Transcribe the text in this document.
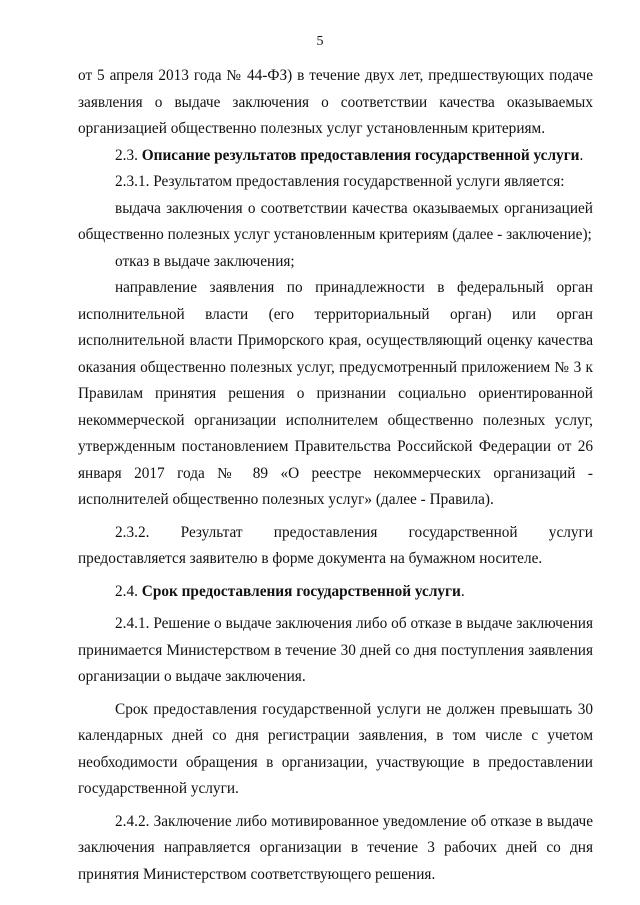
5

от 5 апреля 2013 года № 44-ФЗ) в течение двух лет, предшествующих подаче заявления о выдаче заключения о соответствии качества оказываемых организацией общественно полезных услуг установленным критериям.

2.3. Описание результатов предоставления государственной услуги.

2.3.1. Результатом предоставления государственной услуги является:

выдача заключения о соответствии качества оказываемых организацией общественно полезных услуг установленным критериям (далее - заключение);

отказ в выдаче заключения;

направление заявления по принадлежности в федеральный орган исполнительной власти (его территориальный орган) или орган исполнительной власти Приморского края, осуществляющий оценку качества оказания общественно полезных услуг, предусмотренный приложением № 3 к Правилам принятия решения о признании социально ориентированной некоммерческой организации исполнителем общественно полезных услуг, утвержденным постановлением Правительства Российской Федерации от 26 января 2017 года № 89 «О реестре некоммерческих организаций - исполнителей общественно полезных услуг» (далее - Правила).

2.3.2. Результат предоставления государственной услуги предоставляется заявителю в форме документа на бумажном носителе.

2.4. Срок предоставления государственной услуги.

2.4.1. Решение о выдаче заключения либо об отказе в выдаче заключения принимается Министерством в течение 30 дней со дня поступления заявления организации о выдаче заключения.

Срок предоставления государственной услуги не должен превышать 30 календарных дней со дня регистрации заявления, в том числе с учетом необходимости обращения в организации, участвующие в предоставлении государственной услуги.

2.4.2. Заключение либо мотивированное уведомление об отказе в выдаче заключения направляется организации в течение 3 рабочих дней со дня принятия Министерством соответствующего решения.
